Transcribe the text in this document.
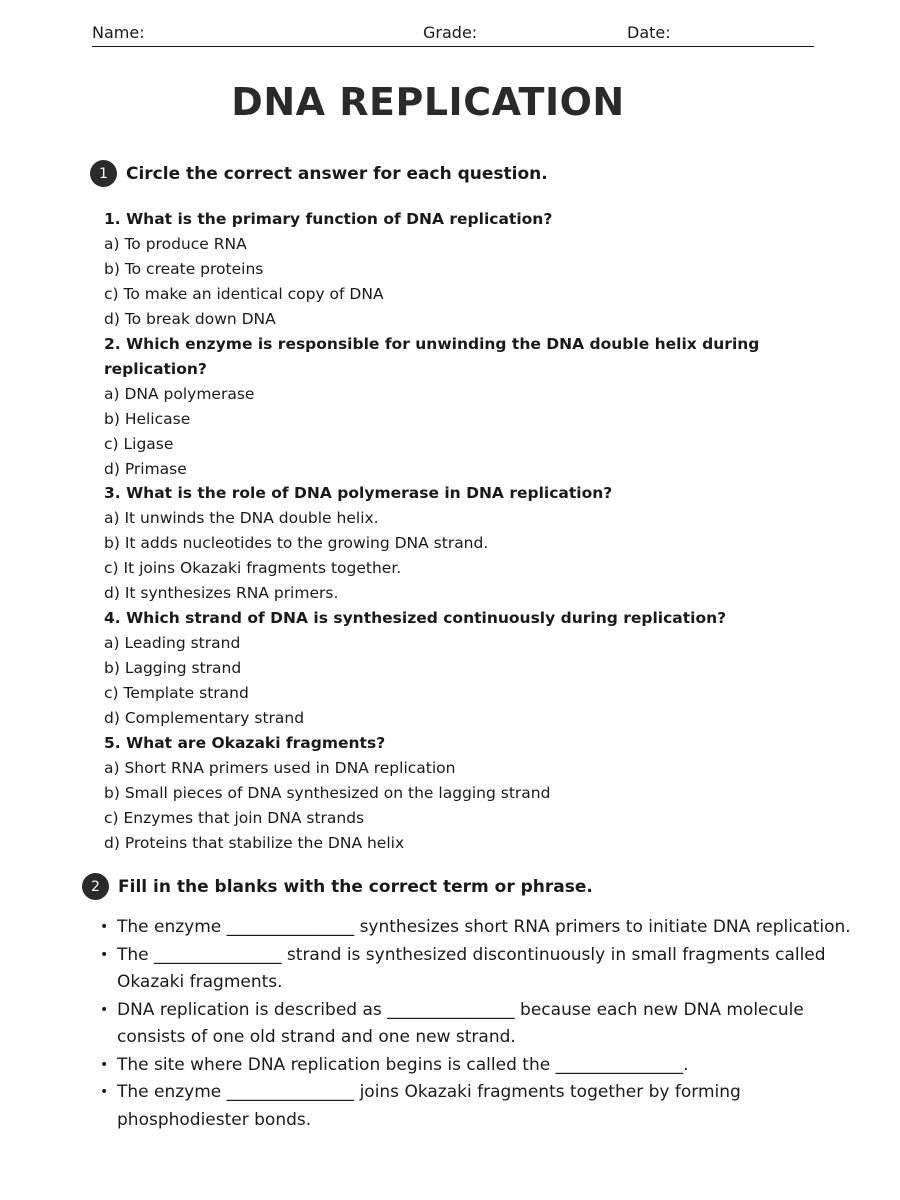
Name:	Grade:	Date:
DNA REPLICATION
1	Circle the correct answer for each question.

1. What is the primary function of DNA replication?

a) To produce RNA

b) To create proteins

c) To make an identical copy of DNA

d) To break down DNA

2. Which enzyme is responsible for unwinding the DNA double helix during replication?

a) DNA polymerase

b) Helicase

c) Ligase

d) Primase

3. What is the role of DNA polymerase in DNA replication?

a) It unwinds the DNA double helix.

b) It adds nucleotides to the growing DNA strand.

c) It joins Okazaki fragments together.

d) It synthesizes RNA primers.

4. Which strand of DNA is synthesized continuously during replication?

a) Leading strand

b) Lagging strand

c) Template strand

d) Complementary strand

5. What are Okazaki fragments?

a) Short RNA primers used in DNA replication

b) Small pieces of DNA synthesized on the lagging strand

c) Enzymes that join DNA strands

d) Proteins that stabilize the DNA helix

2	Fill in the blanks with the correct term or phrase.
• The enzyme _______________ synthesizes short RNA primers to initiate DNA replication.
• The _______________ strand is synthesized discontinuously in small fragments called Okazaki fragments.
• DNA replication is described as _______________ because each new DNA molecule consists of one old strand and one new strand.
• The site where DNA replication begins is called the _______________.
• The enzyme _______________ joins Okazaki fragments together by forming phosphodiester bonds.
